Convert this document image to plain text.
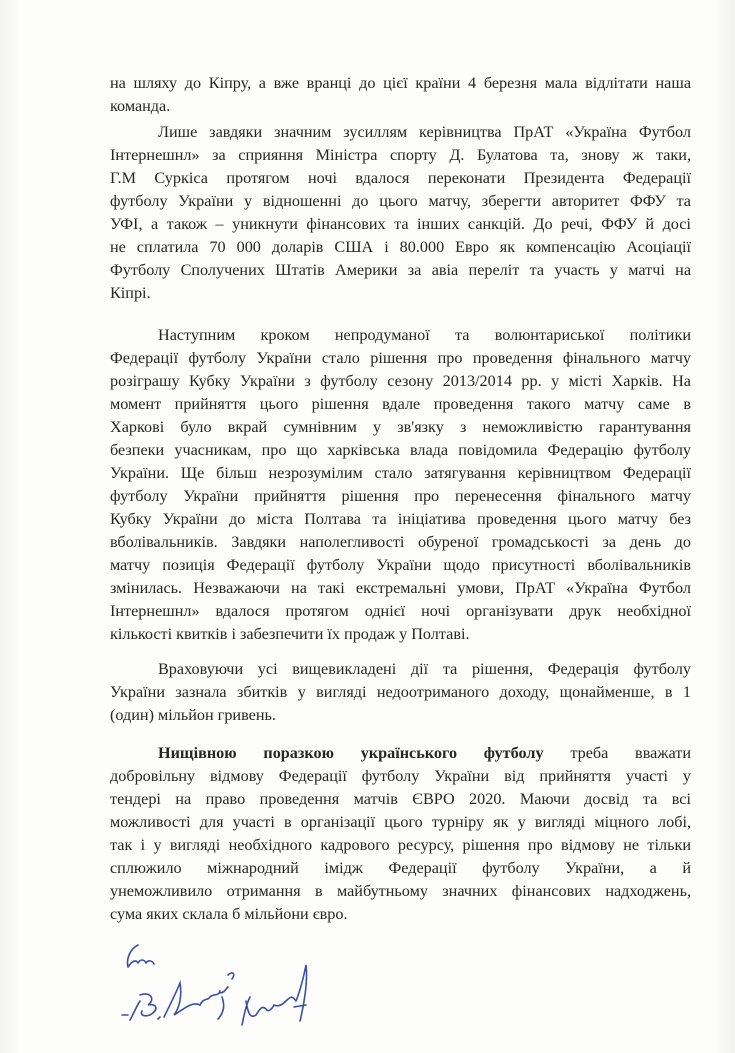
на шляху до Кіпру, а вже вранці до цієї країни 4 березня мала відлітати наша
команда.
Лише завдяки значним зусиллям керівництва ПрАТ «Україна Футбол
Інтернешнл» за сприяння Міністра спорту Д. Булатова та, знову ж таки,
Г.М Суркіса протягом ночі вдалося переконати Президента Федерації
футболу України у відношенні до цього матчу, зберегти авторитет ФФУ та
УФІ, а також – уникнути фінансових та інших санкцій. До речі, ФФУ й досі
не сплатила 70 000 доларів США і 80.000 Евро як компенсацію Асоціації
Футболу Сполучених Штатів Америки за авіа переліт та участь у матчі на
Кіпрі.
Наступним кроком непродуманої та волюнтариської політики
Федерації футболу України стало рішення про проведення фінального матчу
розіграшу Кубку України з футболу сезону 2013/2014 рр. у місті Харків. На
момент прийняття цього рішення вдале проведення такого матчу саме в
Харкові було вкрай сумнівним у зв'язку з неможливістю гарантування
безпеки учасникам, про що харківська влада повідомила Федерацію футболу
України. Ще більш незрозумілим стало затягування керівництвом Федерації
футболу України прийняття рішення про перенесення фінального матчу
Кубку України до міста Полтава та ініціатива проведення цього матчу без
вболівальників. Завдяки наполегливості обуреної громадськості за день до
матчу позиція Федерації футболу України щодо присутності вболівальників
змінилась. Незважаючи на такі екстремальні умови, ПрАТ «Україна Футбол
Інтернешнл» вдалося протягом однієї ночі організувати друк необхідної
кількості квитків і забезпечити їх продаж у Полтаві.
Враховуючи усі вищевикладені дії та рішення, Федерація футболу
України зазнала збитків у вигляді недоотриманого доходу, щонайменше, в 1
(один) мільйон гривень.
Нищівною поразкою українського футболу треба вважати
добровільну відмову Федерації футболу України від прийняття участі у
тендері на право проведення матчів ЄВРО 2020. Маючи досвід та всі
можливості для участі в організації цього турніру як у вигляді міцного лобі,
так і у вигляді необхідного кадрового ресурсу, рішення про відмову не тільки
сплюжило міжнародний імідж Федерації футболу України, а й
унеможливило отримання в майбутньому значних фінансових надходжень,
сума яких склала б мільйони євро.
